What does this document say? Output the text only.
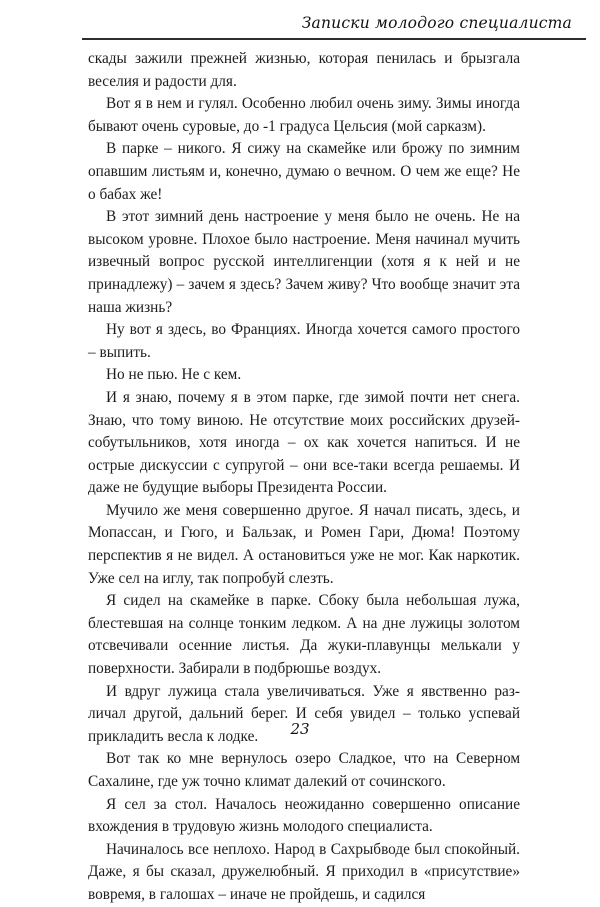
Записки молодого специалиста

скады зажили прежней жизнью, которая пенилась и брызгала веселия и радости для.

Вот я в нем и гулял. Особенно любил очень зиму. Зимы иногда бывают очень суровые, до -1 градуса Цельсия (мой сарказм).

В парке – никого. Я сижу на скамейке или брожу по зимним опавшим листьям и, конечно, думаю о вечном. О чем же еще? Не о бабах же!

В этот зимний день настроение у меня было не очень. Не на высоком уровне. Плохое было настроение. Меня начинал мучить извечный вопрос русской интеллигенции (хотя я к ней и не принадлежу) – зачем я здесь? Зачем живу? Что вообще значит эта наша жизнь?

Ну вот я здесь, во Франциях. Иногда хочется самого простого – выпить.

Но не пью. Не с кем.

И я знаю, почему я в этом парке, где зимой почти нет снега. Знаю, что тому виною. Не отсутствие моих российских друзей-собутыльников, хотя иногда – ох как хочется напиться. И не острые дискуссии с супругой – они все-таки всегда решаемы. И даже не будущие выборы Президента России.

Мучило же меня совершенно другое. Я начал писать, здесь, и Мопассан, и Гюго, и Бальзак, и Ромен Гари, Дюма! Поэтому перспектив я не видел. А остановиться уже не мог. Как наркотик. Уже сел на иглу, так попробуй слезть.

Я сидел на скамейке в парке. Сбоку была небольшая лужа, блестевшая на солнце тонким ледком. А на дне лужицы золотом отсвечивали осенние листья. Да жуки-плавунцы мелькали у поверхности. Забирали в подбрюшье воздух.

И вдруг лужица стала увеличиваться. Уже я явственно различал другой, дальний берег. И себя увидел – только успевай прикладить весла к лодке.

Вот так ко мне вернулось озеро Сладкое, что на Северном Сахалине, где уж точно климат далекий от сочинского.

Я сел за стол. Началось неожиданно совершенно описание вхождения в трудовую жизнь молодого специалиста.

Начиналось все неплохо. Народ в Сахрыбводе был спокойный. Даже, я бы сказал, дружелюбный. Я приходил в «присутствие» вовремя, в галошах – иначе не пройдешь, и садился

23
